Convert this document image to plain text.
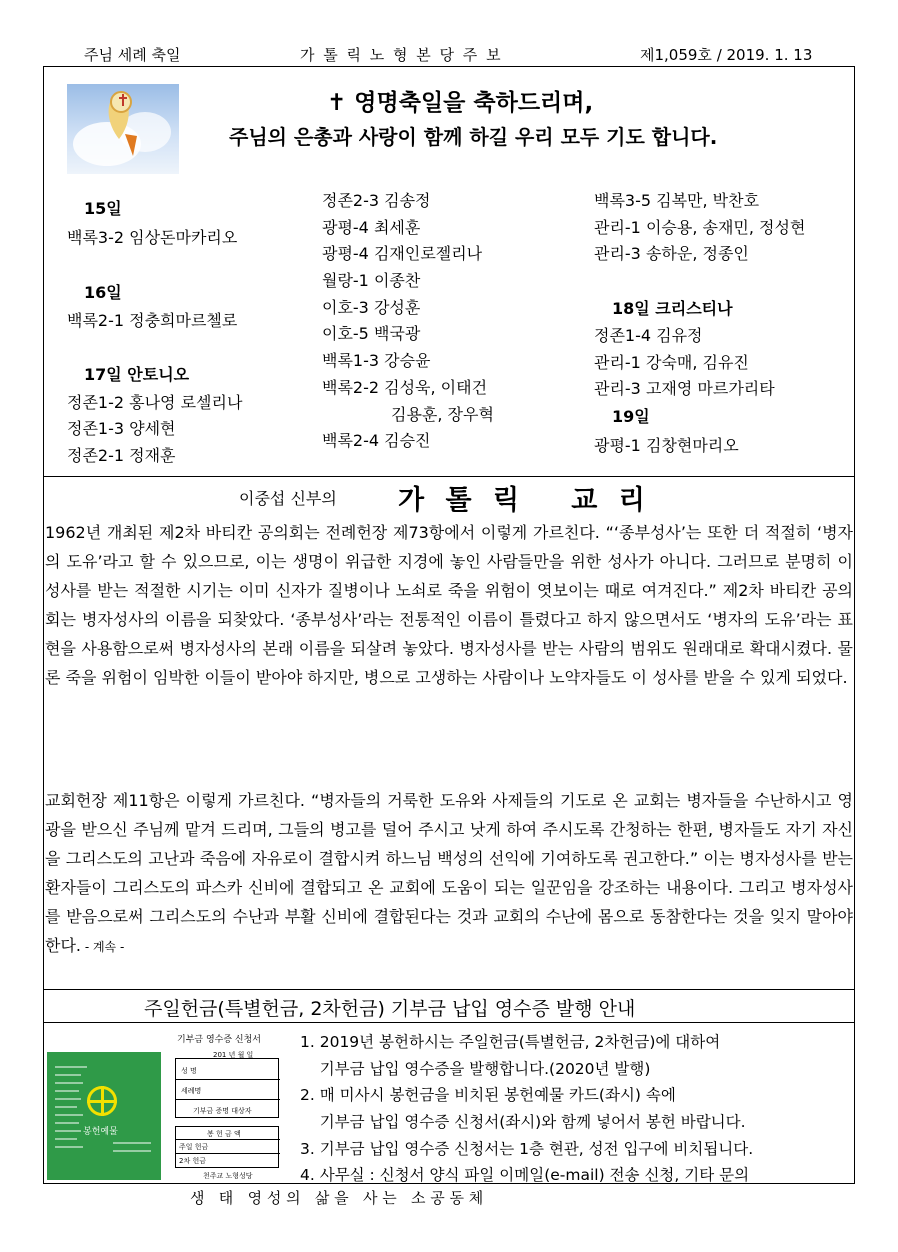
주님 세례 축일	가 톨 릭 노 형 본 당 주 보	제1,059호 / 2019. 1. 13
✝ 영명축일을 축하드리며,
주님의 은총과 사랑이 함께 하길 우리 모두 기도 합니다.
15일
백록3-2 임상돈마카리오
16일
백록2-1 정충희마르첼로
17일 안토니오
정존1-2 홍나영 로셀리나
정존1-3 양세현
정존2-1 정재훈
정존2-3 김송정
광평-4 최세훈
광평-4 김재인로젤리나
월랑-1 이종찬
이호-3 강성훈
이호-5 백국광
백록1-3 강승윤
백록2-2 김성욱, 이태건
김용훈, 장우혁
백록2-4 김승진
백록3-5 김복만, 박찬호
관리-1 이승용, 송재민, 정성현
관리-3 송하운, 정종인
18일 크리스티나
정존1-4 김유정
관리-1 강숙매, 김유진
관리-3 고재영 마르가리타
19일
광평-1 김창현마리오
이중섭 신부의 가 톨 릭   교 리

1962년 개최된 제2차 바티칸 공의회는 전례헌장 제73항에서 이렇게 가르친다. “‘종부성사’는 또한 더 적절히 ‘병자의 도유’라고 할 수 있으므로, 이는 생명이 위급한 지경에 놓인 사람들만을 위한 성사가 아니다. 그러므로 분명히 이 성사를 받는 적절한 시기는 이미 신자가 질병이나 노쇠로 죽을 위험이 엿보이는 때로 여겨진다.” 제2차 바티칸 공의회는 병자성사의 이름을 되찾았다. ‘종부성사’라는 전통적인 이름이 틀렸다고 하지 않으면서도 ‘병자의 도유’라는 표현을 사용함으로써 병자성사의 본래 이름을 되살려 놓았다. 병자성사를 받는 사람의 범위도 원래대로 확대시켰다. 물론 죽을 위험이 임박한 이들이 받아야 하지만, 병으로 고생하는 사람이나 노약자들도 이 성사를 받을 수 있게 되었다.

교회헌장 제11항은 이렇게 가르친다. “병자들의 거룩한 도유와 사제들의 기도로 온 교회는 병자들을 수난하시고 영광을 받으신 주님께 맡겨 드리며, 그들의 병고를 덜어 주시고 낫게 하여 주시도록 간청하는 한편, 병자들도 자기 자신을 그리스도의 고난과 죽음에 자유로이 결합시켜 하느님 백성의 선익에 기여하도록 권고한다.” 이는 병자성사를 받는 환자들이 그리스도의 파스카 신비에 결합되고 온 교회에 도움이 되는 일꾼임을 강조하는 내용이다. 그리고 병자성사를 받음으로써 그리스도의 수난과 부활 신비에 결합된다는 것과 교회의 수난에 몸으로 동참한다는 것을 잊지 말아야 한다. - 계속 -

주일헌금(특별헌금, 2차헌금) 기부금 납입 영수증 발행 안내
봉헌예물
기부금 영수증 신청서
201 년 월 일
성 명
세례명
기부금 증명 대상자
봉 헌 금 액
주일 헌금
2차 헌금
천주교 노형성당
1. 2019년 봉헌하시는 주일헌금(특별헌금, 2차헌금)에 대하여
기부금 납입 영수증을 발행합니다.(2020년 발행)
2. 매 미사시 봉헌금을 비치된 봉헌예물 카드(좌시) 속에
기부금 납입 영수증 신청서(좌시)와 함께 넣어서 봉헌 바랍니다.
3. 기부금 납입 영수증 신청서는 1층 현관, 성전 입구에 비치됩니다.
4. 사무실 : 신청서 양식 파일 이메일(e-mail) 전송 신청, 기타 문의
생   태   영 성 의   삶 을   사 는   소 공 동 체
